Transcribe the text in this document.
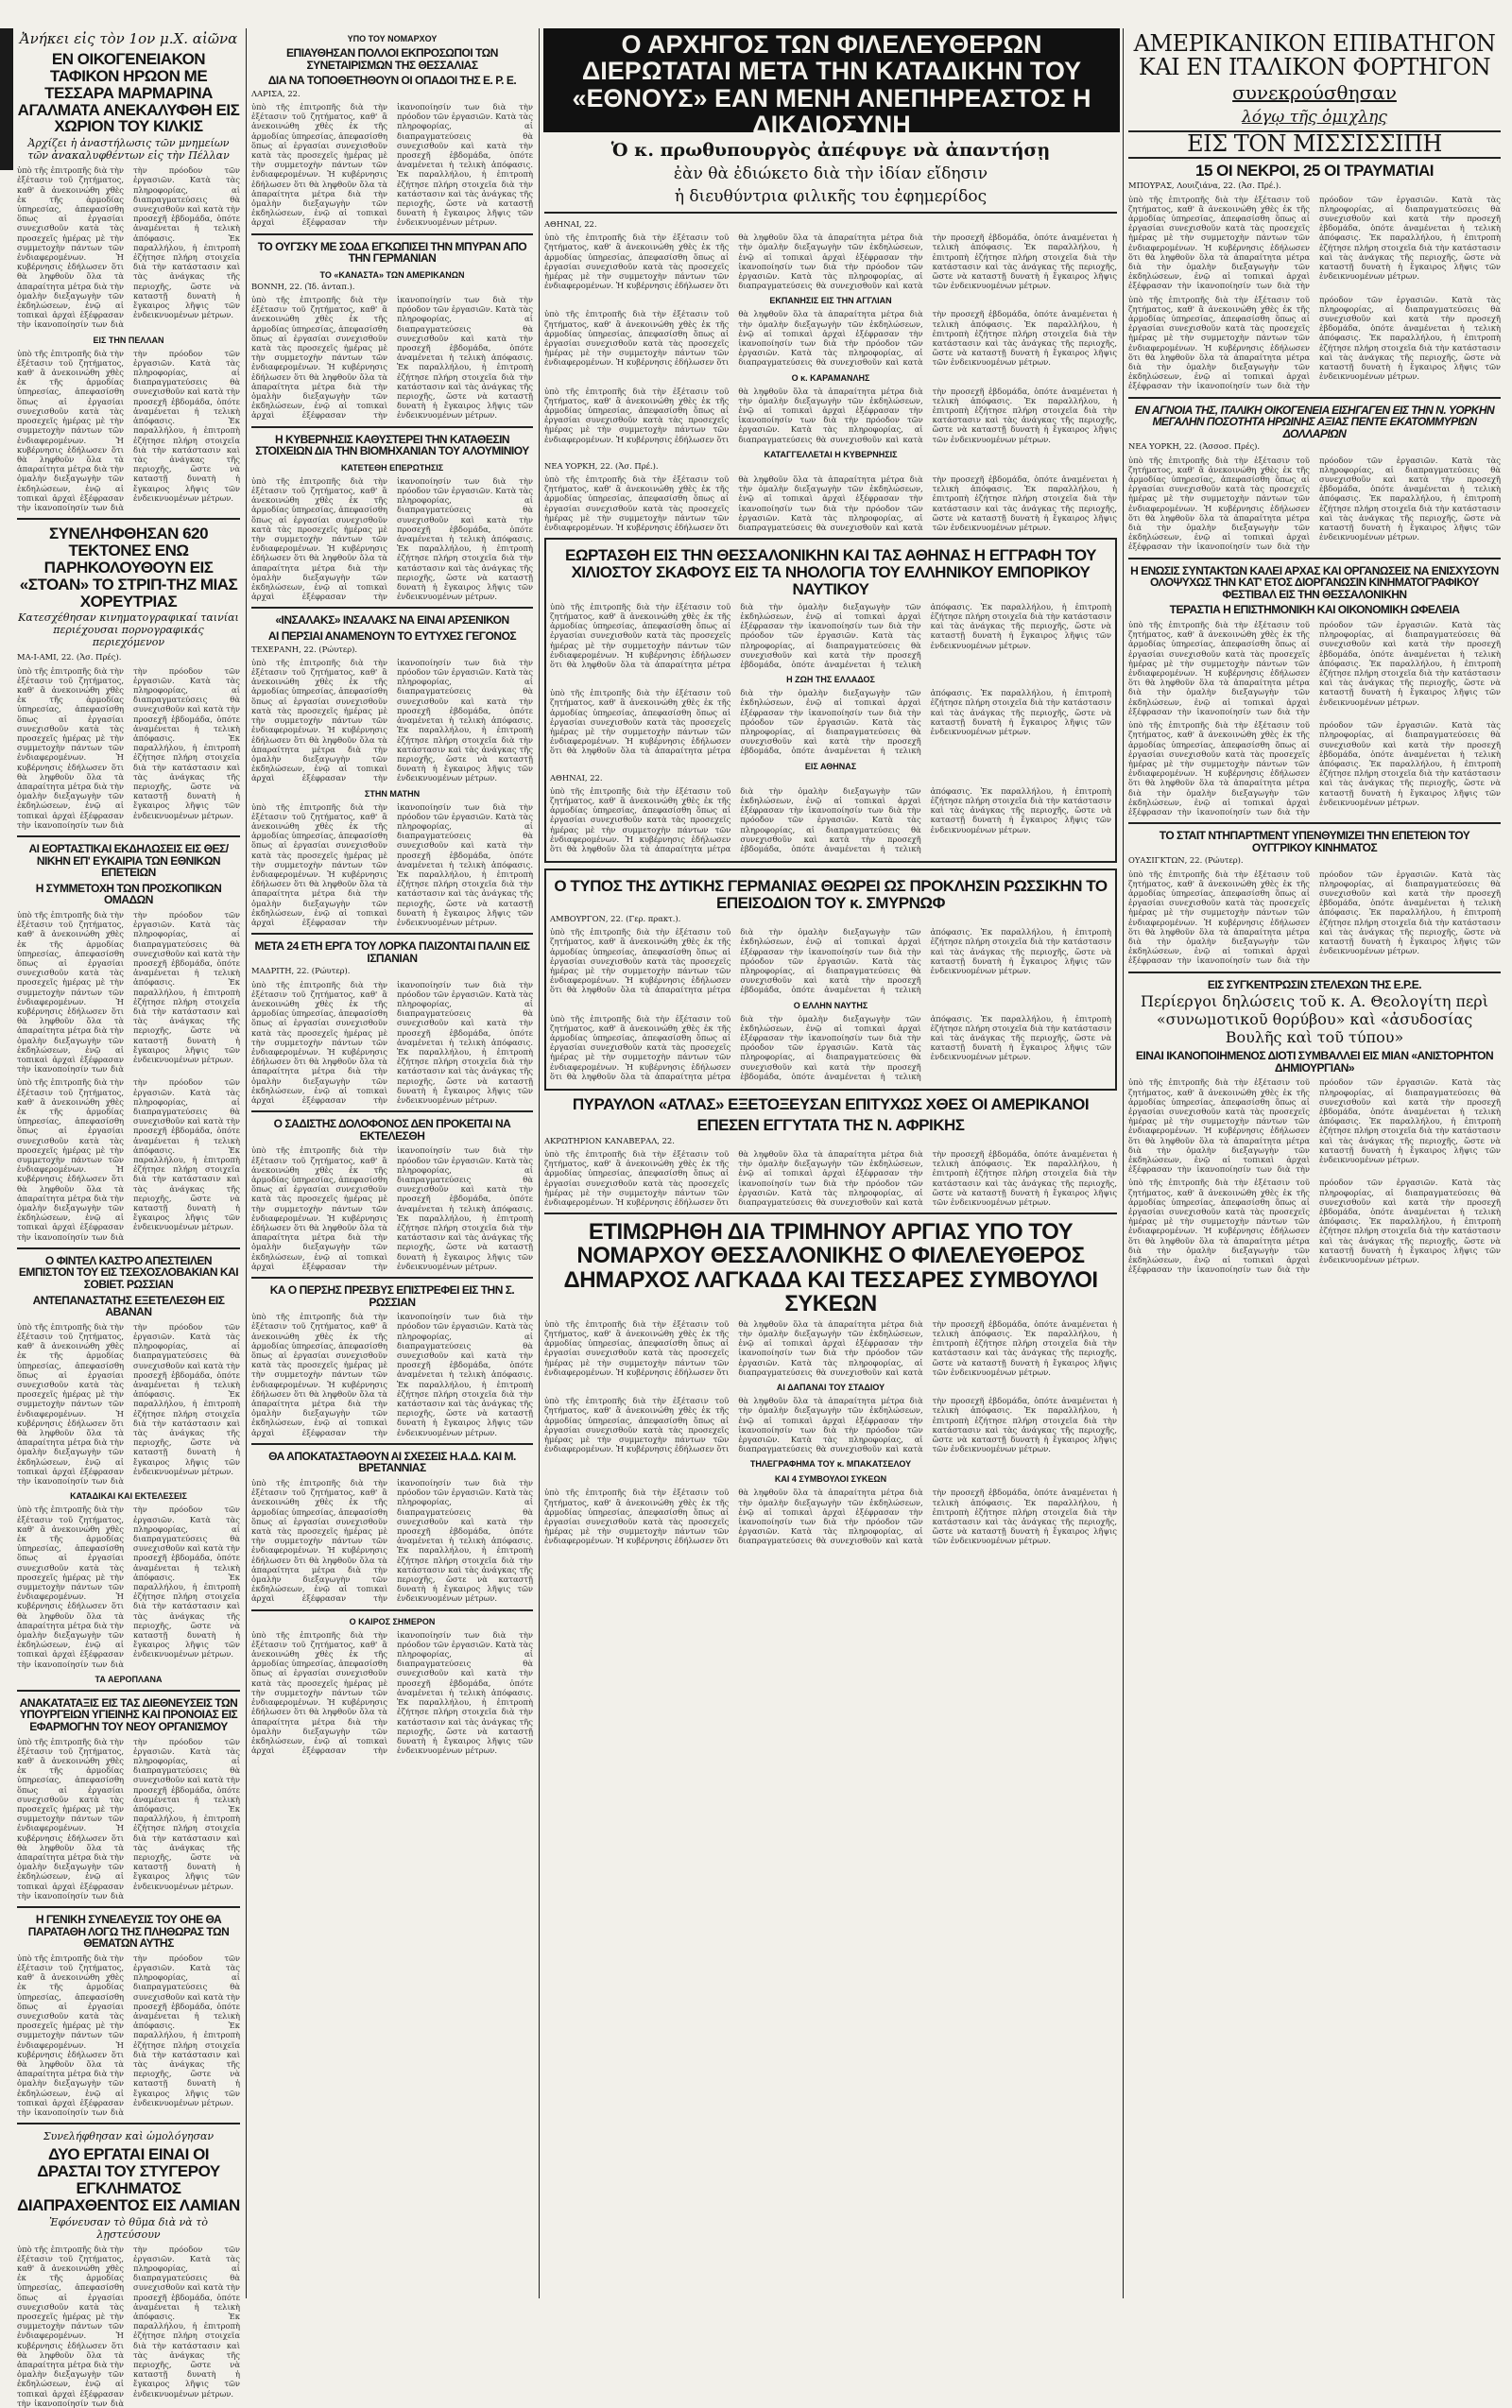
Ἀνήκει εἰς τὸν 1ον μ.Χ. αἰῶνα
ΕΝ ΟΙΚΟΓΕΝΕΙΑΚΟΝ ΤΑΦΙΚΟΝ ΗΡΩΟΝ ΜΕ ΤΕΣΣΑΡΑ ΜΑΡΜΑΡΙΝΑ ΑΓΑΛΜΑΤΑ ΑΝΕΚΑΛΥΦΘΗ ΕΙΣ ΧΩΡΙΟΝ ΤΟΥ ΚΙΛΚΙΣ
Ἀρχίζει ἡ ἀναστήλωσις τῶν μνημείων τῶν ἀνακαλυφθέντων εἰς τὴν Πέλλαν
ὑπὸ τῆς ἐπιτροπῆς διὰ τὴν ἐξέτασιν τοῦ ζητήματος, καθ' ἃ ἀνεκοινώθη χθὲς ἐκ τῆς ἀρμοδίας ὑπηρεσίας, ἀπεφασίσθη ὅπως αἱ ἐργασίαι συνεχισθοῦν κατὰ τὰς προσεχεῖς ἡμέρας μὲ τὴν συμμετοχὴν πάντων τῶν ἐνδιαφερομένων. Ἡ κυβέρνησις ἐδήλωσεν ὅτι θὰ ληφθοῦν ὅλα τὰ ἀπαραίτητα μέτρα διὰ τὴν ὁμαλὴν διεξαγωγὴν τῶν ἐκδηλώσεων, ἐνῷ αἱ τοπικαὶ ἀρχαὶ ἐξέφρασαν τὴν ἱκανοποίησίν των διὰ τὴν πρόοδον τῶν ἐργασιῶν. Κατὰ τὰς πληροφορίας, αἱ διαπραγματεύσεις θὰ συνεχισθοῦν καὶ κατὰ τὴν προσεχῆ ἑβδομάδα, ὁπότε ἀναμένεται ἡ τελικὴ ἀπόφασις. Ἐκ παραλλήλου, ἡ ἐπιτροπὴ ἐζήτησε πλήρη στοιχεῖα διὰ τὴν κατάστασιν καὶ τὰς ἀνάγκας τῆς περιοχῆς, ὥστε νὰ καταστῇ δυνατὴ ἡ ἔγκαιρος λῆψις τῶν ἐνδεικνυομένων μέτρων.
ΕΙΣ ΤΗΝ ΠΕΛΛΑΝ
ὑπὸ τῆς ἐπιτροπῆς διὰ τὴν ἐξέτασιν τοῦ ζητήματος, καθ' ἃ ἀνεκοινώθη χθὲς ἐκ τῆς ἀρμοδίας ὑπηρεσίας, ἀπεφασίσθη ὅπως αἱ ἐργασίαι συνεχισθοῦν κατὰ τὰς προσεχεῖς ἡμέρας μὲ τὴν συμμετοχὴν πάντων τῶν ἐνδιαφερομένων. Ἡ κυβέρνησις ἐδήλωσεν ὅτι θὰ ληφθοῦν ὅλα τὰ ἀπαραίτητα μέτρα διὰ τὴν ὁμαλὴν διεξαγωγὴν τῶν ἐκδηλώσεων, ἐνῷ αἱ τοπικαὶ ἀρχαὶ ἐξέφρασαν τὴν ἱκανοποίησίν των διὰ τὴν πρόοδον τῶν ἐργασιῶν. Κατὰ τὰς πληροφορίας, αἱ διαπραγματεύσεις θὰ συνεχισθοῦν καὶ κατὰ τὴν προσεχῆ ἑβδομάδα, ὁπότε ἀναμένεται ἡ τελικὴ ἀπόφασις. Ἐκ παραλλήλου, ἡ ἐπιτροπὴ ἐζήτησε πλήρη στοιχεῖα διὰ τὴν κατάστασιν καὶ τὰς ἀνάγκας τῆς περιοχῆς, ὥστε νὰ καταστῇ δυνατὴ ἡ ἔγκαιρος λῆψις τῶν ἐνδεικνυομένων μέτρων.
ΣΥΝΕΛΗΦΘΗΣΑΝ 620 ΤΕΚΤΟΝΕΣ ΕΝΩ ΠΑΡΗΚΟΛΟΥΘΟΥΝ ΕΙΣ «ΣΤΟΑΝ» ΤΟ ΣΤΡΙΠ-ΤΗΖ ΜΙΑΣ ΧΟΡΕΥΤΡΙΑΣ
Κατεσχέθησαν κινηματογραφικαί ταινίαι περιέχουσαι πορνογραφικάς περιεχόμενον
ΜΑ-Ι-ΑΜΙ, 22. (Ἀσ. Πρές).
ὑπὸ τῆς ἐπιτροπῆς διὰ τὴν ἐξέτασιν τοῦ ζητήματος, καθ' ἃ ἀνεκοινώθη χθὲς ἐκ τῆς ἀρμοδίας ὑπηρεσίας, ἀπεφασίσθη ὅπως αἱ ἐργασίαι συνεχισθοῦν κατὰ τὰς προσεχεῖς ἡμέρας μὲ τὴν συμμετοχὴν πάντων τῶν ἐνδιαφερομένων. Ἡ κυβέρνησις ἐδήλωσεν ὅτι θὰ ληφθοῦν ὅλα τὰ ἀπαραίτητα μέτρα διὰ τὴν ὁμαλὴν διεξαγωγὴν τῶν ἐκδηλώσεων, ἐνῷ αἱ τοπικαὶ ἀρχαὶ ἐξέφρασαν τὴν ἱκανοποίησίν των διὰ τὴν πρόοδον τῶν ἐργασιῶν. Κατὰ τὰς πληροφορίας, αἱ διαπραγματεύσεις θὰ συνεχισθοῦν καὶ κατὰ τὴν προσεχῆ ἑβδομάδα, ὁπότε ἀναμένεται ἡ τελικὴ ἀπόφασις. Ἐκ παραλλήλου, ἡ ἐπιτροπὴ ἐζήτησε πλήρη στοιχεῖα διὰ τὴν κατάστασιν καὶ τὰς ἀνάγκας τῆς περιοχῆς, ὥστε νὰ καταστῇ δυνατὴ ἡ ἔγκαιρος λῆψις τῶν ἐνδεικνυομένων μέτρων.
ΑΙ ΕΟΡΤΑΣΤΙΚΑΙ ΕΚΔΗΛΩΣΕΙΣ ΕΙΣ ΘΕΣ/ΝΙΚΗΝ ΕΠ' ΕΥΚΑΙΡΙΑ ΤΩΝ ΕΘΝΙΚΩΝ ΕΠΕΤΕΙΩΝ
Η ΣΥΜΜΕΤΟΧΗ ΤΩΝ ΠΡΟΣΚΟΠΙΚΩΝ ΟΜΑΔΩΝ
ὑπὸ τῆς ἐπιτροπῆς διὰ τὴν ἐξέτασιν τοῦ ζητήματος, καθ' ἃ ἀνεκοινώθη χθὲς ἐκ τῆς ἀρμοδίας ὑπηρεσίας, ἀπεφασίσθη ὅπως αἱ ἐργασίαι συνεχισθοῦν κατὰ τὰς προσεχεῖς ἡμέρας μὲ τὴν συμμετοχὴν πάντων τῶν ἐνδιαφερομένων. Ἡ κυβέρνησις ἐδήλωσεν ὅτι θὰ ληφθοῦν ὅλα τὰ ἀπαραίτητα μέτρα διὰ τὴν ὁμαλὴν διεξαγωγὴν τῶν ἐκδηλώσεων, ἐνῷ αἱ τοπικαὶ ἀρχαὶ ἐξέφρασαν τὴν ἱκανοποίησίν των διὰ τὴν πρόοδον τῶν ἐργασιῶν. Κατὰ τὰς πληροφορίας, αἱ διαπραγματεύσεις θὰ συνεχισθοῦν καὶ κατὰ τὴν προσεχῆ ἑβδομάδα, ὁπότε ἀναμένεται ἡ τελικὴ ἀπόφασις. Ἐκ παραλλήλου, ἡ ἐπιτροπὴ ἐζήτησε πλήρη στοιχεῖα διὰ τὴν κατάστασιν καὶ τὰς ἀνάγκας τῆς περιοχῆς, ὥστε νὰ καταστῇ δυνατὴ ἡ ἔγκαιρος λῆψις τῶν ἐνδεικνυομένων μέτρων.
ὑπὸ τῆς ἐπιτροπῆς διὰ τὴν ἐξέτασιν τοῦ ζητήματος, καθ' ἃ ἀνεκοινώθη χθὲς ἐκ τῆς ἀρμοδίας ὑπηρεσίας, ἀπεφασίσθη ὅπως αἱ ἐργασίαι συνεχισθοῦν κατὰ τὰς προσεχεῖς ἡμέρας μὲ τὴν συμμετοχὴν πάντων τῶν ἐνδιαφερομένων. Ἡ κυβέρνησις ἐδήλωσεν ὅτι θὰ ληφθοῦν ὅλα τὰ ἀπαραίτητα μέτρα διὰ τὴν ὁμαλὴν διεξαγωγὴν τῶν ἐκδηλώσεων, ἐνῷ αἱ τοπικαὶ ἀρχαὶ ἐξέφρασαν τὴν ἱκανοποίησίν των διὰ τὴν πρόοδον τῶν ἐργασιῶν. Κατὰ τὰς πληροφορίας, αἱ διαπραγματεύσεις θὰ συνεχισθοῦν καὶ κατὰ τὴν προσεχῆ ἑβδομάδα, ὁπότε ἀναμένεται ἡ τελικὴ ἀπόφασις. Ἐκ παραλλήλου, ἡ ἐπιτροπὴ ἐζήτησε πλήρη στοιχεῖα διὰ τὴν κατάστασιν καὶ τὰς ἀνάγκας τῆς περιοχῆς, ὥστε νὰ καταστῇ δυνατὴ ἡ ἔγκαιρος λῆψις τῶν ἐνδεικνυομένων μέτρων.
Ο ΦΙΝΤΕΛ ΚΑΣΤΡΟ ΑΠΕΣΤΕΙΛΕΝ ΕΜΠΙΣΤΟΝ ΤΟΥ ΕΙΣ ΤΣΕΧΟΣΛΟΒΑΚΙΑΝ ΚΑΙ ΣΟΒΙΕΤ. ΡΩΣΣΙΑΝ
ΑΝΤΕΠΑΝΑΣΤΑΤΗΣ ΕΞΕΤΕΛΕΣΘΗ ΕΙΣ ΑΒΑΝΑΝ
ὑπὸ τῆς ἐπιτροπῆς διὰ τὴν ἐξέτασιν τοῦ ζητήματος, καθ' ἃ ἀνεκοινώθη χθὲς ἐκ τῆς ἀρμοδίας ὑπηρεσίας, ἀπεφασίσθη ὅπως αἱ ἐργασίαι συνεχισθοῦν κατὰ τὰς προσεχεῖς ἡμέρας μὲ τὴν συμμετοχὴν πάντων τῶν ἐνδιαφερομένων. Ἡ κυβέρνησις ἐδήλωσεν ὅτι θὰ ληφθοῦν ὅλα τὰ ἀπαραίτητα μέτρα διὰ τὴν ὁμαλὴν διεξαγωγὴν τῶν ἐκδηλώσεων, ἐνῷ αἱ τοπικαὶ ἀρχαὶ ἐξέφρασαν τὴν ἱκανοποίησίν των διὰ τὴν πρόοδον τῶν ἐργασιῶν. Κατὰ τὰς πληροφορίας, αἱ διαπραγματεύσεις θὰ συνεχισθοῦν καὶ κατὰ τὴν προσεχῆ ἑβδομάδα, ὁπότε ἀναμένεται ἡ τελικὴ ἀπόφασις. Ἐκ παραλλήλου, ἡ ἐπιτροπὴ ἐζήτησε πλήρη στοιχεῖα διὰ τὴν κατάστασιν καὶ τὰς ἀνάγκας τῆς περιοχῆς, ὥστε νὰ καταστῇ δυνατὴ ἡ ἔγκαιρος λῆψις τῶν ἐνδεικνυομένων μέτρων.
ΚΑΤΑΔΙΚΑΙ ΚΑΙ ΕΚΤΕΛΕΣΕΙΣ
ὑπὸ τῆς ἐπιτροπῆς διὰ τὴν ἐξέτασιν τοῦ ζητήματος, καθ' ἃ ἀνεκοινώθη χθὲς ἐκ τῆς ἀρμοδίας ὑπηρεσίας, ἀπεφασίσθη ὅπως αἱ ἐργασίαι συνεχισθοῦν κατὰ τὰς προσεχεῖς ἡμέρας μὲ τὴν συμμετοχὴν πάντων τῶν ἐνδιαφερομένων. Ἡ κυβέρνησις ἐδήλωσεν ὅτι θὰ ληφθοῦν ὅλα τὰ ἀπαραίτητα μέτρα διὰ τὴν ὁμαλὴν διεξαγωγὴν τῶν ἐκδηλώσεων, ἐνῷ αἱ τοπικαὶ ἀρχαὶ ἐξέφρασαν τὴν ἱκανοποίησίν των διὰ τὴν πρόοδον τῶν ἐργασιῶν. Κατὰ τὰς πληροφορίας, αἱ διαπραγματεύσεις θὰ συνεχισθοῦν καὶ κατὰ τὴν προσεχῆ ἑβδομάδα, ὁπότε ἀναμένεται ἡ τελικὴ ἀπόφασις. Ἐκ παραλλήλου, ἡ ἐπιτροπὴ ἐζήτησε πλήρη στοιχεῖα διὰ τὴν κατάστασιν καὶ τὰς ἀνάγκας τῆς περιοχῆς, ὥστε νὰ καταστῇ δυνατὴ ἡ ἔγκαιρος λῆψις τῶν ἐνδεικνυομένων μέτρων.
ΤΑ ΑΕΡΟΠΛΑΝΑ
ΑΝΑΚΑΤΑΤΑΞΙΣ ΕΙΣ ΤΑΣ ΔΙΕΘΝΕΥΣΕΙΣ ΤΩΝ ΥΠΟΥΡΓΕΙΩΝ ΥΓΙΕΙΝΗΣ ΚΑΙ ΠΡΟΝΟΙΑΣ ΕΙΣ ΕΦΑΡΜΟΓΗΝ ΤΟΥ ΝΕΟΥ ΟΡΓΑΝΙΣΜΟΥ
ὑπὸ τῆς ἐπιτροπῆς διὰ τὴν ἐξέτασιν τοῦ ζητήματος, καθ' ἃ ἀνεκοινώθη χθὲς ἐκ τῆς ἀρμοδίας ὑπηρεσίας, ἀπεφασίσθη ὅπως αἱ ἐργασίαι συνεχισθοῦν κατὰ τὰς προσεχεῖς ἡμέρας μὲ τὴν συμμετοχὴν πάντων τῶν ἐνδιαφερομένων. Ἡ κυβέρνησις ἐδήλωσεν ὅτι θὰ ληφθοῦν ὅλα τὰ ἀπαραίτητα μέτρα διὰ τὴν ὁμαλὴν διεξαγωγὴν τῶν ἐκδηλώσεων, ἐνῷ αἱ τοπικαὶ ἀρχαὶ ἐξέφρασαν τὴν ἱκανοποίησίν των διὰ τὴν πρόοδον τῶν ἐργασιῶν. Κατὰ τὰς πληροφορίας, αἱ διαπραγματεύσεις θὰ συνεχισθοῦν καὶ κατὰ τὴν προσεχῆ ἑβδομάδα, ὁπότε ἀναμένεται ἡ τελικὴ ἀπόφασις. Ἐκ παραλλήλου, ἡ ἐπιτροπὴ ἐζήτησε πλήρη στοιχεῖα διὰ τὴν κατάστασιν καὶ τὰς ἀνάγκας τῆς περιοχῆς, ὥστε νὰ καταστῇ δυνατὴ ἡ ἔγκαιρος λῆψις τῶν ἐνδεικνυομένων μέτρων.
Η ΓΕΝΙΚΗ ΣΥΝΕΛΕΥΣΙΣ ΤΟΥ ΟΗΕ ΘΑ ΠΑΡΑΤΑΘΗ ΛΟΓΩ ΤΗΣ ΠΛΗΘΩΡΑΣ ΤΩΝ ΘΕΜΑΤΩΝ ΑΥΤΗΣ
ὑπὸ τῆς ἐπιτροπῆς διὰ τὴν ἐξέτασιν τοῦ ζητήματος, καθ' ἃ ἀνεκοινώθη χθὲς ἐκ τῆς ἀρμοδίας ὑπηρεσίας, ἀπεφασίσθη ὅπως αἱ ἐργασίαι συνεχισθοῦν κατὰ τὰς προσεχεῖς ἡμέρας μὲ τὴν συμμετοχὴν πάντων τῶν ἐνδιαφερομένων. Ἡ κυβέρνησις ἐδήλωσεν ὅτι θὰ ληφθοῦν ὅλα τὰ ἀπαραίτητα μέτρα διὰ τὴν ὁμαλὴν διεξαγωγὴν τῶν ἐκδηλώσεων, ἐνῷ αἱ τοπικαὶ ἀρχαὶ ἐξέφρασαν τὴν ἱκανοποίησίν των διὰ τὴν πρόοδον τῶν ἐργασιῶν. Κατὰ τὰς πληροφορίας, αἱ διαπραγματεύσεις θὰ συνεχισθοῦν καὶ κατὰ τὴν προσεχῆ ἑβδομάδα, ὁπότε ἀναμένεται ἡ τελικὴ ἀπόφασις. Ἐκ παραλλήλου, ἡ ἐπιτροπὴ ἐζήτησε πλήρη στοιχεῖα διὰ τὴν κατάστασιν καὶ τὰς ἀνάγκας τῆς περιοχῆς, ὥστε νὰ καταστῇ δυνατὴ ἡ ἔγκαιρος λῆψις τῶν ἐνδεικνυομένων μέτρων.
Συνελήφθησαν καὶ ὡμολόγησαν
ΔΥΟ ΕΡΓΑΤΑΙ ΕΙΝΑΙ ΟΙ ΔΡΑΣΤΑΙ ΤΟΥ ΣΤΥΓΕΡΟΥ ΕΓΚΛΗΜΑΤΟΣ ΔΙΑΠΡΑΧΘΕΝΤΟΣ ΕΙΣ ΛΑΜΙΑΝ
Ἐφόνευσαν τὸ θῦμα διὰ νὰ τὸ λῃστεύσουν
ὑπὸ τῆς ἐπιτροπῆς διὰ τὴν ἐξέτασιν τοῦ ζητήματος, καθ' ἃ ἀνεκοινώθη χθὲς ἐκ τῆς ἀρμοδίας ὑπηρεσίας, ἀπεφασίσθη ὅπως αἱ ἐργασίαι συνεχισθοῦν κατὰ τὰς προσεχεῖς ἡμέρας μὲ τὴν συμμετοχὴν πάντων τῶν ἐνδιαφερομένων. Ἡ κυβέρνησις ἐδήλωσεν ὅτι θὰ ληφθοῦν ὅλα τὰ ἀπαραίτητα μέτρα διὰ τὴν ὁμαλὴν διεξαγωγὴν τῶν ἐκδηλώσεων, ἐνῷ αἱ τοπικαὶ ἀρχαὶ ἐξέφρασαν τὴν ἱκανοποίησίν των διὰ τὴν πρόοδον τῶν ἐργασιῶν. Κατὰ τὰς πληροφορίας, αἱ διαπραγματεύσεις θὰ συνεχισθοῦν καὶ κατὰ τὴν προσεχῆ ἑβδομάδα, ὁπότε ἀναμένεται ἡ τελικὴ ἀπόφασις. Ἐκ παραλλήλου, ἡ ἐπιτροπὴ ἐζήτησε πλήρη στοιχεῖα διὰ τὴν κατάστασιν καὶ τὰς ἀνάγκας τῆς περιοχῆς, ὥστε νὰ καταστῇ δυνατὴ ἡ ἔγκαιρος λῆψις τῶν ἐνδεικνυομένων μέτρων.
ΥΠΟ ΤΟΥ ΝΟΜΑΡΧΟΥ
ΕΠΙΑΥΘΗΣΑΝ ΠΟΛΛΟΙ ΕΚΠΡΟΣΩΠΟΙ ΤΩΝ ΣΥΝΕΤΑΙΡΙΣΜΩΝ ΤΗΣ ΘΕΣΣΑΛΙΑΣ
ΔΙΑ ΝΑ ΤΟΠΟΘΕΤΗΘΟΥΝ ΟΙ ΟΠΑΔΟΙ ΤΗΣ Ε. Ρ. Ε.
ΛΑΡΙΣΑ, 22.
ὑπὸ τῆς ἐπιτροπῆς διὰ τὴν ἐξέτασιν τοῦ ζητήματος, καθ' ἃ ἀνεκοινώθη χθὲς ἐκ τῆς ἀρμοδίας ὑπηρεσίας, ἀπεφασίσθη ὅπως αἱ ἐργασίαι συνεχισθοῦν κατὰ τὰς προσεχεῖς ἡμέρας μὲ τὴν συμμετοχὴν πάντων τῶν ἐνδιαφερομένων. Ἡ κυβέρνησις ἐδήλωσεν ὅτι θὰ ληφθοῦν ὅλα τὰ ἀπαραίτητα μέτρα διὰ τὴν ὁμαλὴν διεξαγωγὴν τῶν ἐκδηλώσεων, ἐνῷ αἱ τοπικαὶ ἀρχαὶ ἐξέφρασαν τὴν ἱκανοποίησίν των διὰ τὴν πρόοδον τῶν ἐργασιῶν. Κατὰ τὰς πληροφορίας, αἱ διαπραγματεύσεις θὰ συνεχισθοῦν καὶ κατὰ τὴν προσεχῆ ἑβδομάδα, ὁπότε ἀναμένεται ἡ τελικὴ ἀπόφασις. Ἐκ παραλλήλου, ἡ ἐπιτροπὴ ἐζήτησε πλήρη στοιχεῖα διὰ τὴν κατάστασιν καὶ τὰς ἀνάγκας τῆς περιοχῆς, ὥστε νὰ καταστῇ δυνατὴ ἡ ἔγκαιρος λῆψις τῶν ἐνδεικνυομένων μέτρων.
ΤΟ ΟΥΓΣΚΥ ΜΕ ΣΟΔΑ ΕΓΚΩΠΙΣΕΙ ΤΗΝ ΜΠΥΡΑΝ ΑΠΟ ΤΗΝ ΓΕΡΜΑΝΙΑΝ
ΤΟ «ΚΑΝΑΣΤΑ» ΤΩΝ ΑΜΕΡΙΚΑΝΩΝ
ΒΟΝΝΗ, 22. (Ἰδ. ἀνταπ.).
ὑπὸ τῆς ἐπιτροπῆς διὰ τὴν ἐξέτασιν τοῦ ζητήματος, καθ' ἃ ἀνεκοινώθη χθὲς ἐκ τῆς ἀρμοδίας ὑπηρεσίας, ἀπεφασίσθη ὅπως αἱ ἐργασίαι συνεχισθοῦν κατὰ τὰς προσεχεῖς ἡμέρας μὲ τὴν συμμετοχὴν πάντων τῶν ἐνδιαφερομένων. Ἡ κυβέρνησις ἐδήλωσεν ὅτι θὰ ληφθοῦν ὅλα τὰ ἀπαραίτητα μέτρα διὰ τὴν ὁμαλὴν διεξαγωγὴν τῶν ἐκδηλώσεων, ἐνῷ αἱ τοπικαὶ ἀρχαὶ ἐξέφρασαν τὴν ἱκανοποίησίν των διὰ τὴν πρόοδον τῶν ἐργασιῶν. Κατὰ τὰς πληροφορίας, αἱ διαπραγματεύσεις θὰ συνεχισθοῦν καὶ κατὰ τὴν προσεχῆ ἑβδομάδα, ὁπότε ἀναμένεται ἡ τελικὴ ἀπόφασις. Ἐκ παραλλήλου, ἡ ἐπιτροπὴ ἐζήτησε πλήρη στοιχεῖα διὰ τὴν κατάστασιν καὶ τὰς ἀνάγκας τῆς περιοχῆς, ὥστε νὰ καταστῇ δυνατὴ ἡ ἔγκαιρος λῆψις τῶν ἐνδεικνυομένων μέτρων.
Η ΚΥΒΕΡΝΗΣΙΣ ΚΑΘΥΣΤΕΡΕΙ ΤΗΝ ΚΑΤΑΘΕΣΙΝ ΣΤΟΙΧΕΙΩΝ ΔΙΑ ΤΗΝ ΒΙΟΜΗΧΑΝΙΑΝ ΤΟΥ ΑΛΟΥΜΙΝΙΟΥ
ΚΑΤΕΤΕΘΗ ΕΠΕΡΩΤΗΣΙΣ
ὑπὸ τῆς ἐπιτροπῆς διὰ τὴν ἐξέτασιν τοῦ ζητήματος, καθ' ἃ ἀνεκοινώθη χθὲς ἐκ τῆς ἀρμοδίας ὑπηρεσίας, ἀπεφασίσθη ὅπως αἱ ἐργασίαι συνεχισθοῦν κατὰ τὰς προσεχεῖς ἡμέρας μὲ τὴν συμμετοχὴν πάντων τῶν ἐνδιαφερομένων. Ἡ κυβέρνησις ἐδήλωσεν ὅτι θὰ ληφθοῦν ὅλα τὰ ἀπαραίτητα μέτρα διὰ τὴν ὁμαλὴν διεξαγωγὴν τῶν ἐκδηλώσεων, ἐνῷ αἱ τοπικαὶ ἀρχαὶ ἐξέφρασαν τὴν ἱκανοποίησίν των διὰ τὴν πρόοδον τῶν ἐργασιῶν. Κατὰ τὰς πληροφορίας, αἱ διαπραγματεύσεις θὰ συνεχισθοῦν καὶ κατὰ τὴν προσεχῆ ἑβδομάδα, ὁπότε ἀναμένεται ἡ τελικὴ ἀπόφασις. Ἐκ παραλλήλου, ἡ ἐπιτροπὴ ἐζήτησε πλήρη στοιχεῖα διὰ τὴν κατάστασιν καὶ τὰς ἀνάγκας τῆς περιοχῆς, ὥστε νὰ καταστῇ δυνατὴ ἡ ἔγκαιρος λῆψις τῶν ἐνδεικνυομένων μέτρων.
«ΙΝΣΑΛΑΚΣ» ΙΝΣΑΛΑΚΣ ΝΑ ΕΙΝΑΙ ΑΡΣΕΝΙΚΟΝ
ΑΙ ΠΕΡΣΙΑΙ ΑΝΑΜΕΝΟΥΝ ΤΟ ΕΥΤΥΧΕΣ ΓΕΓΟΝΟΣ
ΤΕΧΕΡΑΝΗ, 22. (Ρώυτερ).
ὑπὸ τῆς ἐπιτροπῆς διὰ τὴν ἐξέτασιν τοῦ ζητήματος, καθ' ἃ ἀνεκοινώθη χθὲς ἐκ τῆς ἀρμοδίας ὑπηρεσίας, ἀπεφασίσθη ὅπως αἱ ἐργασίαι συνεχισθοῦν κατὰ τὰς προσεχεῖς ἡμέρας μὲ τὴν συμμετοχὴν πάντων τῶν ἐνδιαφερομένων. Ἡ κυβέρνησις ἐδήλωσεν ὅτι θὰ ληφθοῦν ὅλα τὰ ἀπαραίτητα μέτρα διὰ τὴν ὁμαλὴν διεξαγωγὴν τῶν ἐκδηλώσεων, ἐνῷ αἱ τοπικαὶ ἀρχαὶ ἐξέφρασαν τὴν ἱκανοποίησίν των διὰ τὴν πρόοδον τῶν ἐργασιῶν. Κατὰ τὰς πληροφορίας, αἱ διαπραγματεύσεις θὰ συνεχισθοῦν καὶ κατὰ τὴν προσεχῆ ἑβδομάδα, ὁπότε ἀναμένεται ἡ τελικὴ ἀπόφασις. Ἐκ παραλλήλου, ἡ ἐπιτροπὴ ἐζήτησε πλήρη στοιχεῖα διὰ τὴν κατάστασιν καὶ τὰς ἀνάγκας τῆς περιοχῆς, ὥστε νὰ καταστῇ δυνατὴ ἡ ἔγκαιρος λῆψις τῶν ἐνδεικνυομένων μέτρων.
ΣΤΗΝ ΜΑΤΗΝ
ὑπὸ τῆς ἐπιτροπῆς διὰ τὴν ἐξέτασιν τοῦ ζητήματος, καθ' ἃ ἀνεκοινώθη χθὲς ἐκ τῆς ἀρμοδίας ὑπηρεσίας, ἀπεφασίσθη ὅπως αἱ ἐργασίαι συνεχισθοῦν κατὰ τὰς προσεχεῖς ἡμέρας μὲ τὴν συμμετοχὴν πάντων τῶν ἐνδιαφερομένων. Ἡ κυβέρνησις ἐδήλωσεν ὅτι θὰ ληφθοῦν ὅλα τὰ ἀπαραίτητα μέτρα διὰ τὴν ὁμαλὴν διεξαγωγὴν τῶν ἐκδηλώσεων, ἐνῷ αἱ τοπικαὶ ἀρχαὶ ἐξέφρασαν τὴν ἱκανοποίησίν των διὰ τὴν πρόοδον τῶν ἐργασιῶν. Κατὰ τὰς πληροφορίας, αἱ διαπραγματεύσεις θὰ συνεχισθοῦν καὶ κατὰ τὴν προσεχῆ ἑβδομάδα, ὁπότε ἀναμένεται ἡ τελικὴ ἀπόφασις. Ἐκ παραλλήλου, ἡ ἐπιτροπὴ ἐζήτησε πλήρη στοιχεῖα διὰ τὴν κατάστασιν καὶ τὰς ἀνάγκας τῆς περιοχῆς, ὥστε νὰ καταστῇ δυνατὴ ἡ ἔγκαιρος λῆψις τῶν ἐνδεικνυομένων μέτρων.
ΜΕΤΑ 24 ΕΤΗ ΕΡΓΑ ΤΟΥ ΛΟΡΚΑ ΠΑΙΖΟΝΤΑΙ ΠΑΛΙΝ ΕΙΣ ΙΣΠΑΝΙΑΝ
ΜΑΔΡΙΤΗ, 22. (Ρώυτερ).
ὑπὸ τῆς ἐπιτροπῆς διὰ τὴν ἐξέτασιν τοῦ ζητήματος, καθ' ἃ ἀνεκοινώθη χθὲς ἐκ τῆς ἀρμοδίας ὑπηρεσίας, ἀπεφασίσθη ὅπως αἱ ἐργασίαι συνεχισθοῦν κατὰ τὰς προσεχεῖς ἡμέρας μὲ τὴν συμμετοχὴν πάντων τῶν ἐνδιαφερομένων. Ἡ κυβέρνησις ἐδήλωσεν ὅτι θὰ ληφθοῦν ὅλα τὰ ἀπαραίτητα μέτρα διὰ τὴν ὁμαλὴν διεξαγωγὴν τῶν ἐκδηλώσεων, ἐνῷ αἱ τοπικαὶ ἀρχαὶ ἐξέφρασαν τὴν ἱκανοποίησίν των διὰ τὴν πρόοδον τῶν ἐργασιῶν. Κατὰ τὰς πληροφορίας, αἱ διαπραγματεύσεις θὰ συνεχισθοῦν καὶ κατὰ τὴν προσεχῆ ἑβδομάδα, ὁπότε ἀναμένεται ἡ τελικὴ ἀπόφασις. Ἐκ παραλλήλου, ἡ ἐπιτροπὴ ἐζήτησε πλήρη στοιχεῖα διὰ τὴν κατάστασιν καὶ τὰς ἀνάγκας τῆς περιοχῆς, ὥστε νὰ καταστῇ δυνατὴ ἡ ἔγκαιρος λῆψις τῶν ἐνδεικνυομένων μέτρων.
Ο ΣΑΔΙΣΤΗΣ ΔΟΛΟΦΟΝΟΣ ΔΕΝ ΠΡΟΚΕΙΤΑΙ ΝΑ ΕΚΤΕΛΕΣΘΗ
ὑπὸ τῆς ἐπιτροπῆς διὰ τὴν ἐξέτασιν τοῦ ζητήματος, καθ' ἃ ἀνεκοινώθη χθὲς ἐκ τῆς ἀρμοδίας ὑπηρεσίας, ἀπεφασίσθη ὅπως αἱ ἐργασίαι συνεχισθοῦν κατὰ τὰς προσεχεῖς ἡμέρας μὲ τὴν συμμετοχὴν πάντων τῶν ἐνδιαφερομένων. Ἡ κυβέρνησις ἐδήλωσεν ὅτι θὰ ληφθοῦν ὅλα τὰ ἀπαραίτητα μέτρα διὰ τὴν ὁμαλὴν διεξαγωγὴν τῶν ἐκδηλώσεων, ἐνῷ αἱ τοπικαὶ ἀρχαὶ ἐξέφρασαν τὴν ἱκανοποίησίν των διὰ τὴν πρόοδον τῶν ἐργασιῶν. Κατὰ τὰς πληροφορίας, αἱ διαπραγματεύσεις θὰ συνεχισθοῦν καὶ κατὰ τὴν προσεχῆ ἑβδομάδα, ὁπότε ἀναμένεται ἡ τελικὴ ἀπόφασις. Ἐκ παραλλήλου, ἡ ἐπιτροπὴ ἐζήτησε πλήρη στοιχεῖα διὰ τὴν κατάστασιν καὶ τὰς ἀνάγκας τῆς περιοχῆς, ὥστε νὰ καταστῇ δυνατὴ ἡ ἔγκαιρος λῆψις τῶν ἐνδεικνυομένων μέτρων.
ΚΑ Ο ΠΕΡΣΗΣ ΠΡΕΣΒΥΣ ΕΠΙΣΤΡΕΦΕΙ ΕΙΣ ΤΗΝ Σ. ΡΩΣΣΙΑΝ
ὑπὸ τῆς ἐπιτροπῆς διὰ τὴν ἐξέτασιν τοῦ ζητήματος, καθ' ἃ ἀνεκοινώθη χθὲς ἐκ τῆς ἀρμοδίας ὑπηρεσίας, ἀπεφασίσθη ὅπως αἱ ἐργασίαι συνεχισθοῦν κατὰ τὰς προσεχεῖς ἡμέρας μὲ τὴν συμμετοχὴν πάντων τῶν ἐνδιαφερομένων. Ἡ κυβέρνησις ἐδήλωσεν ὅτι θὰ ληφθοῦν ὅλα τὰ ἀπαραίτητα μέτρα διὰ τὴν ὁμαλὴν διεξαγωγὴν τῶν ἐκδηλώσεων, ἐνῷ αἱ τοπικαὶ ἀρχαὶ ἐξέφρασαν τὴν ἱκανοποίησίν των διὰ τὴν πρόοδον τῶν ἐργασιῶν. Κατὰ τὰς πληροφορίας, αἱ διαπραγματεύσεις θὰ συνεχισθοῦν καὶ κατὰ τὴν προσεχῆ ἑβδομάδα, ὁπότε ἀναμένεται ἡ τελικὴ ἀπόφασις. Ἐκ παραλλήλου, ἡ ἐπιτροπὴ ἐζήτησε πλήρη στοιχεῖα διὰ τὴν κατάστασιν καὶ τὰς ἀνάγκας τῆς περιοχῆς, ὥστε νὰ καταστῇ δυνατὴ ἡ ἔγκαιρος λῆψις τῶν ἐνδεικνυομένων μέτρων.
ΘΑ ΑΠΟΚΑΤΑΣΤΑΘΟΥΝ ΑΙ ΣΧΕΣΕΙΣ Η.Α.Δ. ΚΑΙ Μ. ΒΡΕΤΑΝΝΙΑΣ
ὑπὸ τῆς ἐπιτροπῆς διὰ τὴν ἐξέτασιν τοῦ ζητήματος, καθ' ἃ ἀνεκοινώθη χθὲς ἐκ τῆς ἀρμοδίας ὑπηρεσίας, ἀπεφασίσθη ὅπως αἱ ἐργασίαι συνεχισθοῦν κατὰ τὰς προσεχεῖς ἡμέρας μὲ τὴν συμμετοχὴν πάντων τῶν ἐνδιαφερομένων. Ἡ κυβέρνησις ἐδήλωσεν ὅτι θὰ ληφθοῦν ὅλα τὰ ἀπαραίτητα μέτρα διὰ τὴν ὁμαλὴν διεξαγωγὴν τῶν ἐκδηλώσεων, ἐνῷ αἱ τοπικαὶ ἀρχαὶ ἐξέφρασαν τὴν ἱκανοποίησίν των διὰ τὴν πρόοδον τῶν ἐργασιῶν. Κατὰ τὰς πληροφορίας, αἱ διαπραγματεύσεις θὰ συνεχισθοῦν καὶ κατὰ τὴν προσεχῆ ἑβδομάδα, ὁπότε ἀναμένεται ἡ τελικὴ ἀπόφασις. Ἐκ παραλλήλου, ἡ ἐπιτροπὴ ἐζήτησε πλήρη στοιχεῖα διὰ τὴν κατάστασιν καὶ τὰς ἀνάγκας τῆς περιοχῆς, ὥστε νὰ καταστῇ δυνατὴ ἡ ἔγκαιρος λῆψις τῶν ἐνδεικνυομένων μέτρων.
Ο ΚΑΙΡΟΣ ΣΗΜΕΡΟΝ
ὑπὸ τῆς ἐπιτροπῆς διὰ τὴν ἐξέτασιν τοῦ ζητήματος, καθ' ἃ ἀνεκοινώθη χθὲς ἐκ τῆς ἀρμοδίας ὑπηρεσίας, ἀπεφασίσθη ὅπως αἱ ἐργασίαι συνεχισθοῦν κατὰ τὰς προσεχεῖς ἡμέρας μὲ τὴν συμμετοχὴν πάντων τῶν ἐνδιαφερομένων. Ἡ κυβέρνησις ἐδήλωσεν ὅτι θὰ ληφθοῦν ὅλα τὰ ἀπαραίτητα μέτρα διὰ τὴν ὁμαλὴν διεξαγωγὴν τῶν ἐκδηλώσεων, ἐνῷ αἱ τοπικαὶ ἀρχαὶ ἐξέφρασαν τὴν ἱκανοποίησίν των διὰ τὴν πρόοδον τῶν ἐργασιῶν. Κατὰ τὰς πληροφορίας, αἱ διαπραγματεύσεις θὰ συνεχισθοῦν καὶ κατὰ τὴν προσεχῆ ἑβδομάδα, ὁπότε ἀναμένεται ἡ τελικὴ ἀπόφασις. Ἐκ παραλλήλου, ἡ ἐπιτροπὴ ἐζήτησε πλήρη στοιχεῖα διὰ τὴν κατάστασιν καὶ τὰς ἀνάγκας τῆς περιοχῆς, ὥστε νὰ καταστῇ δυνατὴ ἡ ἔγκαιρος λῆψις τῶν ἐνδεικνυομένων μέτρων.
Ο ΑΡΧΗΓΟΣ ΤΩΝ ΦΙΛΕΛΕΥΘΕΡΩΝ ΔΙΕΡΩΤΑΤΑΙ ΜΕΤΑ ΤΗΝ ΚΑΤΑΔΙΚΗΝ ΤΟΥ «ΕΘΝΟΥΣ» ΕΑΝ ΜΕΝΗ ΑΝΕΠΗΡΕΑΣΤΟΣ Η ΔΙΚΑΙΟΣΥΝΗ
Ὁ κ. πρωθυπουργὸς ἀπέφυγε νὰ ἀπαντήσῃ
ἐὰν θὰ ἐδιώκετο διὰ τὴν ἰδίαν εἴδησιν
ἡ διευθύντρια φιλικῆς του ἐφημερίδος
ΑΘΗΝΑΙ, 22.
ὑπὸ τῆς ἐπιτροπῆς διὰ τὴν ἐξέτασιν τοῦ ζητήματος, καθ' ἃ ἀνεκοινώθη χθὲς ἐκ τῆς ἀρμοδίας ὑπηρεσίας, ἀπεφασίσθη ὅπως αἱ ἐργασίαι συνεχισθοῦν κατὰ τὰς προσεχεῖς ἡμέρας μὲ τὴν συμμετοχὴν πάντων τῶν ἐνδιαφερομένων. Ἡ κυβέρνησις ἐδήλωσεν ὅτι θὰ ληφθοῦν ὅλα τὰ ἀπαραίτητα μέτρα διὰ τὴν ὁμαλὴν διεξαγωγὴν τῶν ἐκδηλώσεων, ἐνῷ αἱ τοπικαὶ ἀρχαὶ ἐξέφρασαν τὴν ἱκανοποίησίν των διὰ τὴν πρόοδον τῶν ἐργασιῶν. Κατὰ τὰς πληροφορίας, αἱ διαπραγματεύσεις θὰ συνεχισθοῦν καὶ κατὰ τὴν προσεχῆ ἑβδομάδα, ὁπότε ἀναμένεται ἡ τελικὴ ἀπόφασις. Ἐκ παραλλήλου, ἡ ἐπιτροπὴ ἐζήτησε πλήρη στοιχεῖα διὰ τὴν κατάστασιν καὶ τὰς ἀνάγκας τῆς περιοχῆς, ὥστε νὰ καταστῇ δυνατὴ ἡ ἔγκαιρος λῆψις τῶν ἐνδεικνυομένων μέτρων.
ΕΚΠΑΝΗΣΙΣ ΕΙΣ ΤΗΝ ΑΓΓΛΙΑΝ
ὑπὸ τῆς ἐπιτροπῆς διὰ τὴν ἐξέτασιν τοῦ ζητήματος, καθ' ἃ ἀνεκοινώθη χθὲς ἐκ τῆς ἀρμοδίας ὑπηρεσίας, ἀπεφασίσθη ὅπως αἱ ἐργασίαι συνεχισθοῦν κατὰ τὰς προσεχεῖς ἡμέρας μὲ τὴν συμμετοχὴν πάντων τῶν ἐνδιαφερομένων. Ἡ κυβέρνησις ἐδήλωσεν ὅτι θὰ ληφθοῦν ὅλα τὰ ἀπαραίτητα μέτρα διὰ τὴν ὁμαλὴν διεξαγωγὴν τῶν ἐκδηλώσεων, ἐνῷ αἱ τοπικαὶ ἀρχαὶ ἐξέφρασαν τὴν ἱκανοποίησίν των διὰ τὴν πρόοδον τῶν ἐργασιῶν. Κατὰ τὰς πληροφορίας, αἱ διαπραγματεύσεις θὰ συνεχισθοῦν καὶ κατὰ τὴν προσεχῆ ἑβδομάδα, ὁπότε ἀναμένεται ἡ τελικὴ ἀπόφασις. Ἐκ παραλλήλου, ἡ ἐπιτροπὴ ἐζήτησε πλήρη στοιχεῖα διὰ τὴν κατάστασιν καὶ τὰς ἀνάγκας τῆς περιοχῆς, ὥστε νὰ καταστῇ δυνατὴ ἡ ἔγκαιρος λῆψις τῶν ἐνδεικνυομένων μέτρων.
Ο κ. ΚΑΡΑΜΑΝΛΗΣ
ὑπὸ τῆς ἐπιτροπῆς διὰ τὴν ἐξέτασιν τοῦ ζητήματος, καθ' ἃ ἀνεκοινώθη χθὲς ἐκ τῆς ἀρμοδίας ὑπηρεσίας, ἀπεφασίσθη ὅπως αἱ ἐργασίαι συνεχισθοῦν κατὰ τὰς προσεχεῖς ἡμέρας μὲ τὴν συμμετοχὴν πάντων τῶν ἐνδιαφερομένων. Ἡ κυβέρνησις ἐδήλωσεν ὅτι θὰ ληφθοῦν ὅλα τὰ ἀπαραίτητα μέτρα διὰ τὴν ὁμαλὴν διεξαγωγὴν τῶν ἐκδηλώσεων, ἐνῷ αἱ τοπικαὶ ἀρχαὶ ἐξέφρασαν τὴν ἱκανοποίησίν των διὰ τὴν πρόοδον τῶν ἐργασιῶν. Κατὰ τὰς πληροφορίας, αἱ διαπραγματεύσεις θὰ συνεχισθοῦν καὶ κατὰ τὴν προσεχῆ ἑβδομάδα, ὁπότε ἀναμένεται ἡ τελικὴ ἀπόφασις. Ἐκ παραλλήλου, ἡ ἐπιτροπὴ ἐζήτησε πλήρη στοιχεῖα διὰ τὴν κατάστασιν καὶ τὰς ἀνάγκας τῆς περιοχῆς, ὥστε νὰ καταστῇ δυνατὴ ἡ ἔγκαιρος λῆψις τῶν ἐνδεικνυομένων μέτρων.
ΚΑΤΑΓΓΕΛΛΕΤΑΙ Η ΚΥΒΕΡΝΗΣΙΣ
ΝΕΑ ΥΟΡΚΗ, 22. (Ἀσ. Πρέ.).
ὑπὸ τῆς ἐπιτροπῆς διὰ τὴν ἐξέτασιν τοῦ ζητήματος, καθ' ἃ ἀνεκοινώθη χθὲς ἐκ τῆς ἀρμοδίας ὑπηρεσίας, ἀπεφασίσθη ὅπως αἱ ἐργασίαι συνεχισθοῦν κατὰ τὰς προσεχεῖς ἡμέρας μὲ τὴν συμμετοχὴν πάντων τῶν ἐνδιαφερομένων. Ἡ κυβέρνησις ἐδήλωσεν ὅτι θὰ ληφθοῦν ὅλα τὰ ἀπαραίτητα μέτρα διὰ τὴν ὁμαλὴν διεξαγωγὴν τῶν ἐκδηλώσεων, ἐνῷ αἱ τοπικαὶ ἀρχαὶ ἐξέφρασαν τὴν ἱκανοποίησίν των διὰ τὴν πρόοδον τῶν ἐργασιῶν. Κατὰ τὰς πληροφορίας, αἱ διαπραγματεύσεις θὰ συνεχισθοῦν καὶ κατὰ τὴν προσεχῆ ἑβδομάδα, ὁπότε ἀναμένεται ἡ τελικὴ ἀπόφασις. Ἐκ παραλλήλου, ἡ ἐπιτροπὴ ἐζήτησε πλήρη στοιχεῖα διὰ τὴν κατάστασιν καὶ τὰς ἀνάγκας τῆς περιοχῆς, ὥστε νὰ καταστῇ δυνατὴ ἡ ἔγκαιρος λῆψις τῶν ἐνδεικνυομένων μέτρων.
ΕΩΡΤΑΣΘΗ ΕΙΣ ΤΗΝ ΘΕΣΣΑΛΟΝΙΚΗΝ ΚΑΙ ΤΑΣ ΑΘΗΝΑΣ Η ΕΓΓΡΑΦΗ ΤΟΥ ΧΙΛΙΟΣΤΟΥ ΣΚΑΦΟΥΣ ΕΙΣ ΤΑ ΝΗΟΛΟΓΙΑ ΤΟΥ ΕΛΛΗΝΙΚΟΥ ΕΜΠΟΡΙΚΟΥ ΝΑΥΤΙΚΟΥ
ὑπὸ τῆς ἐπιτροπῆς διὰ τὴν ἐξέτασιν τοῦ ζητήματος, καθ' ἃ ἀνεκοινώθη χθὲς ἐκ τῆς ἀρμοδίας ὑπηρεσίας, ἀπεφασίσθη ὅπως αἱ ἐργασίαι συνεχισθοῦν κατὰ τὰς προσεχεῖς ἡμέρας μὲ τὴν συμμετοχὴν πάντων τῶν ἐνδιαφερομένων. Ἡ κυβέρνησις ἐδήλωσεν ὅτι θὰ ληφθοῦν ὅλα τὰ ἀπαραίτητα μέτρα διὰ τὴν ὁμαλὴν διεξαγωγὴν τῶν ἐκδηλώσεων, ἐνῷ αἱ τοπικαὶ ἀρχαὶ ἐξέφρασαν τὴν ἱκανοποίησίν των διὰ τὴν πρόοδον τῶν ἐργασιῶν. Κατὰ τὰς πληροφορίας, αἱ διαπραγματεύσεις θὰ συνεχισθοῦν καὶ κατὰ τὴν προσεχῆ ἑβδομάδα, ὁπότε ἀναμένεται ἡ τελικὴ ἀπόφασις. Ἐκ παραλλήλου, ἡ ἐπιτροπὴ ἐζήτησε πλήρη στοιχεῖα διὰ τὴν κατάστασιν καὶ τὰς ἀνάγκας τῆς περιοχῆς, ὥστε νὰ καταστῇ δυνατὴ ἡ ἔγκαιρος λῆψις τῶν ἐνδεικνυομένων μέτρων.
Η ΖΩΗ ΤΗΣ ΕΛΛΑΔΟΣ
ὑπὸ τῆς ἐπιτροπῆς διὰ τὴν ἐξέτασιν τοῦ ζητήματος, καθ' ἃ ἀνεκοινώθη χθὲς ἐκ τῆς ἀρμοδίας ὑπηρεσίας, ἀπεφασίσθη ὅπως αἱ ἐργασίαι συνεχισθοῦν κατὰ τὰς προσεχεῖς ἡμέρας μὲ τὴν συμμετοχὴν πάντων τῶν ἐνδιαφερομένων. Ἡ κυβέρνησις ἐδήλωσεν ὅτι θὰ ληφθοῦν ὅλα τὰ ἀπαραίτητα μέτρα διὰ τὴν ὁμαλὴν διεξαγωγὴν τῶν ἐκδηλώσεων, ἐνῷ αἱ τοπικαὶ ἀρχαὶ ἐξέφρασαν τὴν ἱκανοποίησίν των διὰ τὴν πρόοδον τῶν ἐργασιῶν. Κατὰ τὰς πληροφορίας, αἱ διαπραγματεύσεις θὰ συνεχισθοῦν καὶ κατὰ τὴν προσεχῆ ἑβδομάδα, ὁπότε ἀναμένεται ἡ τελικὴ ἀπόφασις. Ἐκ παραλλήλου, ἡ ἐπιτροπὴ ἐζήτησε πλήρη στοιχεῖα διὰ τὴν κατάστασιν καὶ τὰς ἀνάγκας τῆς περιοχῆς, ὥστε νὰ καταστῇ δυνατὴ ἡ ἔγκαιρος λῆψις τῶν ἐνδεικνυομένων μέτρων.
ΕΙΣ ΑΘΗΝΑΣ
ΑΘΗΝΑΙ, 22.
ὑπὸ τῆς ἐπιτροπῆς διὰ τὴν ἐξέτασιν τοῦ ζητήματος, καθ' ἃ ἀνεκοινώθη χθὲς ἐκ τῆς ἀρμοδίας ὑπηρεσίας, ἀπεφασίσθη ὅπως αἱ ἐργασίαι συνεχισθοῦν κατὰ τὰς προσεχεῖς ἡμέρας μὲ τὴν συμμετοχὴν πάντων τῶν ἐνδιαφερομένων. Ἡ κυβέρνησις ἐδήλωσεν ὅτι θὰ ληφθοῦν ὅλα τὰ ἀπαραίτητα μέτρα διὰ τὴν ὁμαλὴν διεξαγωγὴν τῶν ἐκδηλώσεων, ἐνῷ αἱ τοπικαὶ ἀρχαὶ ἐξέφρασαν τὴν ἱκανοποίησίν των διὰ τὴν πρόοδον τῶν ἐργασιῶν. Κατὰ τὰς πληροφορίας, αἱ διαπραγματεύσεις θὰ συνεχισθοῦν καὶ κατὰ τὴν προσεχῆ ἑβδομάδα, ὁπότε ἀναμένεται ἡ τελικὴ ἀπόφασις. Ἐκ παραλλήλου, ἡ ἐπιτροπὴ ἐζήτησε πλήρη στοιχεῖα διὰ τὴν κατάστασιν καὶ τὰς ἀνάγκας τῆς περιοχῆς, ὥστε νὰ καταστῇ δυνατὴ ἡ ἔγκαιρος λῆψις τῶν ἐνδεικνυομένων μέτρων.
Ο ΤΥΠΟΣ ΤΗΣ ΔΥΤΙΚΗΣ ΓΕΡΜΑΝΙΑΣ ΘΕΩΡΕΙ ΩΣ ΠΡΟΚΛΗΣΙΝ ΡΩΣΣΙΚΗΝ ΤΟ ΕΠΕΙΣΟΔΙΟΝ ΤΟΥ κ. ΣΜΥΡΝΩΦ
ΑΜΒΟΥΡΓΟΝ, 22. (Γερ. πρακτ.).
ὑπὸ τῆς ἐπιτροπῆς διὰ τὴν ἐξέτασιν τοῦ ζητήματος, καθ' ἃ ἀνεκοινώθη χθὲς ἐκ τῆς ἀρμοδίας ὑπηρεσίας, ἀπεφασίσθη ὅπως αἱ ἐργασίαι συνεχισθοῦν κατὰ τὰς προσεχεῖς ἡμέρας μὲ τὴν συμμετοχὴν πάντων τῶν ἐνδιαφερομένων. Ἡ κυβέρνησις ἐδήλωσεν ὅτι θὰ ληφθοῦν ὅλα τὰ ἀπαραίτητα μέτρα διὰ τὴν ὁμαλὴν διεξαγωγὴν τῶν ἐκδηλώσεων, ἐνῷ αἱ τοπικαὶ ἀρχαὶ ἐξέφρασαν τὴν ἱκανοποίησίν των διὰ τὴν πρόοδον τῶν ἐργασιῶν. Κατὰ τὰς πληροφορίας, αἱ διαπραγματεύσεις θὰ συνεχισθοῦν καὶ κατὰ τὴν προσεχῆ ἑβδομάδα, ὁπότε ἀναμένεται ἡ τελικὴ ἀπόφασις. Ἐκ παραλλήλου, ἡ ἐπιτροπὴ ἐζήτησε πλήρη στοιχεῖα διὰ τὴν κατάστασιν καὶ τὰς ἀνάγκας τῆς περιοχῆς, ὥστε νὰ καταστῇ δυνατὴ ἡ ἔγκαιρος λῆψις τῶν ἐνδεικνυομένων μέτρων.
Ο ΕΛΛΗΝ ΝΑΥΤΗΣ
ὑπὸ τῆς ἐπιτροπῆς διὰ τὴν ἐξέτασιν τοῦ ζητήματος, καθ' ἃ ἀνεκοινώθη χθὲς ἐκ τῆς ἀρμοδίας ὑπηρεσίας, ἀπεφασίσθη ὅπως αἱ ἐργασίαι συνεχισθοῦν κατὰ τὰς προσεχεῖς ἡμέρας μὲ τὴν συμμετοχὴν πάντων τῶν ἐνδιαφερομένων. Ἡ κυβέρνησις ἐδήλωσεν ὅτι θὰ ληφθοῦν ὅλα τὰ ἀπαραίτητα μέτρα διὰ τὴν ὁμαλὴν διεξαγωγὴν τῶν ἐκδηλώσεων, ἐνῷ αἱ τοπικαὶ ἀρχαὶ ἐξέφρασαν τὴν ἱκανοποίησίν των διὰ τὴν πρόοδον τῶν ἐργασιῶν. Κατὰ τὰς πληροφορίας, αἱ διαπραγματεύσεις θὰ συνεχισθοῦν καὶ κατὰ τὴν προσεχῆ ἑβδομάδα, ὁπότε ἀναμένεται ἡ τελικὴ ἀπόφασις. Ἐκ παραλλήλου, ἡ ἐπιτροπὴ ἐζήτησε πλήρη στοιχεῖα διὰ τὴν κατάστασιν καὶ τὰς ἀνάγκας τῆς περιοχῆς, ὥστε νὰ καταστῇ δυνατὴ ἡ ἔγκαιρος λῆψις τῶν ἐνδεικνυομένων μέτρων.
ΠΥΡΑΥΛΟΝ «ΑΤΛΑΣ» ΕΞΕΤΟΞΕΥΣΑΝ ΕΠΙΤΥΧΩΣ ΧΘΕΣ ΟΙ ΑΜΕΡΙΚΑΝΟΙ
ΕΠΕΣΕΝ ΕΓΓΥΤΑΤΑ ΤΗΣ Ν. ΑΦΡΙΚΗΣ
ΑΚΡΩΤΗΡΙΟΝ ΚΑΝΑΒΕΡΑΛ, 22.
ὑπὸ τῆς ἐπιτροπῆς διὰ τὴν ἐξέτασιν τοῦ ζητήματος, καθ' ἃ ἀνεκοινώθη χθὲς ἐκ τῆς ἀρμοδίας ὑπηρεσίας, ἀπεφασίσθη ὅπως αἱ ἐργασίαι συνεχισθοῦν κατὰ τὰς προσεχεῖς ἡμέρας μὲ τὴν συμμετοχὴν πάντων τῶν ἐνδιαφερομένων. Ἡ κυβέρνησις ἐδήλωσεν ὅτι θὰ ληφθοῦν ὅλα τὰ ἀπαραίτητα μέτρα διὰ τὴν ὁμαλὴν διεξαγωγὴν τῶν ἐκδηλώσεων, ἐνῷ αἱ τοπικαὶ ἀρχαὶ ἐξέφρασαν τὴν ἱκανοποίησίν των διὰ τὴν πρόοδον τῶν ἐργασιῶν. Κατὰ τὰς πληροφορίας, αἱ διαπραγματεύσεις θὰ συνεχισθοῦν καὶ κατὰ τὴν προσεχῆ ἑβδομάδα, ὁπότε ἀναμένεται ἡ τελικὴ ἀπόφασις. Ἐκ παραλλήλου, ἡ ἐπιτροπὴ ἐζήτησε πλήρη στοιχεῖα διὰ τὴν κατάστασιν καὶ τὰς ἀνάγκας τῆς περιοχῆς, ὥστε νὰ καταστῇ δυνατὴ ἡ ἔγκαιρος λῆψις τῶν ἐνδεικνυομένων μέτρων.
ΕΤΙΜΩΡΗΘΗ ΔΙΑ ΤΡΙΜΗΝΟΥ ΑΡΓΙΑΣ ΥΠΟ ΤΟΥ ΝΟΜΑΡΧΟΥ ΘΕΣΣΑΛΟΝΙΚΗΣ Ο ΦΙΛΕΛΕΥΘΕΡΟΣ ΔΗΜΑΡΧΟΣ ΛΑΓΚΑΔΑ ΚΑΙ ΤΕΣΣΑΡΕΣ ΣΥΜΒΟΥΛΟΙ ΣΥΚΕΩΝ
ὑπὸ τῆς ἐπιτροπῆς διὰ τὴν ἐξέτασιν τοῦ ζητήματος, καθ' ἃ ἀνεκοινώθη χθὲς ἐκ τῆς ἀρμοδίας ὑπηρεσίας, ἀπεφασίσθη ὅπως αἱ ἐργασίαι συνεχισθοῦν κατὰ τὰς προσεχεῖς ἡμέρας μὲ τὴν συμμετοχὴν πάντων τῶν ἐνδιαφερομένων. Ἡ κυβέρνησις ἐδήλωσεν ὅτι θὰ ληφθοῦν ὅλα τὰ ἀπαραίτητα μέτρα διὰ τὴν ὁμαλὴν διεξαγωγὴν τῶν ἐκδηλώσεων, ἐνῷ αἱ τοπικαὶ ἀρχαὶ ἐξέφρασαν τὴν ἱκανοποίησίν των διὰ τὴν πρόοδον τῶν ἐργασιῶν. Κατὰ τὰς πληροφορίας, αἱ διαπραγματεύσεις θὰ συνεχισθοῦν καὶ κατὰ τὴν προσεχῆ ἑβδομάδα, ὁπότε ἀναμένεται ἡ τελικὴ ἀπόφασις. Ἐκ παραλλήλου, ἡ ἐπιτροπὴ ἐζήτησε πλήρη στοιχεῖα διὰ τὴν κατάστασιν καὶ τὰς ἀνάγκας τῆς περιοχῆς, ὥστε νὰ καταστῇ δυνατὴ ἡ ἔγκαιρος λῆψις τῶν ἐνδεικνυομένων μέτρων.
ΑΙ ΔΑΠΑΝΑΙ ΤΟΥ ΣΤΑΔΙΟΥ
ὑπὸ τῆς ἐπιτροπῆς διὰ τὴν ἐξέτασιν τοῦ ζητήματος, καθ' ἃ ἀνεκοινώθη χθὲς ἐκ τῆς ἀρμοδίας ὑπηρεσίας, ἀπεφασίσθη ὅπως αἱ ἐργασίαι συνεχισθοῦν κατὰ τὰς προσεχεῖς ἡμέρας μὲ τὴν συμμετοχὴν πάντων τῶν ἐνδιαφερομένων. Ἡ κυβέρνησις ἐδήλωσεν ὅτι θὰ ληφθοῦν ὅλα τὰ ἀπαραίτητα μέτρα διὰ τὴν ὁμαλὴν διεξαγωγὴν τῶν ἐκδηλώσεων, ἐνῷ αἱ τοπικαὶ ἀρχαὶ ἐξέφρασαν τὴν ἱκανοποίησίν των διὰ τὴν πρόοδον τῶν ἐργασιῶν. Κατὰ τὰς πληροφορίας, αἱ διαπραγματεύσεις θὰ συνεχισθοῦν καὶ κατὰ τὴν προσεχῆ ἑβδομάδα, ὁπότε ἀναμένεται ἡ τελικὴ ἀπόφασις. Ἐκ παραλλήλου, ἡ ἐπιτροπὴ ἐζήτησε πλήρη στοιχεῖα διὰ τὴν κατάστασιν καὶ τὰς ἀνάγκας τῆς περιοχῆς, ὥστε νὰ καταστῇ δυνατὴ ἡ ἔγκαιρος λῆψις τῶν ἐνδεικνυομένων μέτρων.
ΤΗΛΕΓΡΑΦΗΜΑ ΤΟΥ κ. ΜΠΑΚΑΤΣΕΛΟΥ
ΚΑΙ 4 ΣΥΜΒΟΥΛΟΙ ΣΥΚΕΩΝ
ὑπὸ τῆς ἐπιτροπῆς διὰ τὴν ἐξέτασιν τοῦ ζητήματος, καθ' ἃ ἀνεκοινώθη χθὲς ἐκ τῆς ἀρμοδίας ὑπηρεσίας, ἀπεφασίσθη ὅπως αἱ ἐργασίαι συνεχισθοῦν κατὰ τὰς προσεχεῖς ἡμέρας μὲ τὴν συμμετοχὴν πάντων τῶν ἐνδιαφερομένων. Ἡ κυβέρνησις ἐδήλωσεν ὅτι θὰ ληφθοῦν ὅλα τὰ ἀπαραίτητα μέτρα διὰ τὴν ὁμαλὴν διεξαγωγὴν τῶν ἐκδηλώσεων, ἐνῷ αἱ τοπικαὶ ἀρχαὶ ἐξέφρασαν τὴν ἱκανοποίησίν των διὰ τὴν πρόοδον τῶν ἐργασιῶν. Κατὰ τὰς πληροφορίας, αἱ διαπραγματεύσεις θὰ συνεχισθοῦν καὶ κατὰ τὴν προσεχῆ ἑβδομάδα, ὁπότε ἀναμένεται ἡ τελικὴ ἀπόφασις. Ἐκ παραλλήλου, ἡ ἐπιτροπὴ ἐζήτησε πλήρη στοιχεῖα διὰ τὴν κατάστασιν καὶ τὰς ἀνάγκας τῆς περιοχῆς, ὥστε νὰ καταστῇ δυνατὴ ἡ ἔγκαιρος λῆψις τῶν ἐνδεικνυομένων μέτρων.
ΑΜΕΡΙΚΑΝΙΚΟΝ ΕΠΙΒΑΤΗΓΟΝ ΚΑΙ ΕΝ ΙΤΑΛΙΚΟΝ ΦΟΡΤΗΓΟΝ
συνεκρούσθησαν
λόγῳ τῆς ὁμιχλης
ΕΙΣ ΤΟΝ ΜΙΣΣΙΣΣΙΠΗ
15 ΟΙ ΝΕΚΡΟΙ, 25 ΟΙ ΤΡΑΥΜΑΤΙΑΙ
ΜΠΟΥΡΑΣ, Λουιζιάνα, 22. (Ἀσ. Πρέ.).
ὑπὸ τῆς ἐπιτροπῆς διὰ τὴν ἐξέτασιν τοῦ ζητήματος, καθ' ἃ ἀνεκοινώθη χθὲς ἐκ τῆς ἀρμοδίας ὑπηρεσίας, ἀπεφασίσθη ὅπως αἱ ἐργασίαι συνεχισθοῦν κατὰ τὰς προσεχεῖς ἡμέρας μὲ τὴν συμμετοχὴν πάντων τῶν ἐνδιαφερομένων. Ἡ κυβέρνησις ἐδήλωσεν ὅτι θὰ ληφθοῦν ὅλα τὰ ἀπαραίτητα μέτρα διὰ τὴν ὁμαλὴν διεξαγωγὴν τῶν ἐκδηλώσεων, ἐνῷ αἱ τοπικαὶ ἀρχαὶ ἐξέφρασαν τὴν ἱκανοποίησίν των διὰ τὴν πρόοδον τῶν ἐργασιῶν. Κατὰ τὰς πληροφορίας, αἱ διαπραγματεύσεις θὰ συνεχισθοῦν καὶ κατὰ τὴν προσεχῆ ἑβδομάδα, ὁπότε ἀναμένεται ἡ τελικὴ ἀπόφασις. Ἐκ παραλλήλου, ἡ ἐπιτροπὴ ἐζήτησε πλήρη στοιχεῖα διὰ τὴν κατάστασιν καὶ τὰς ἀνάγκας τῆς περιοχῆς, ὥστε νὰ καταστῇ δυνατὴ ἡ ἔγκαιρος λῆψις τῶν ἐνδεικνυομένων μέτρων.
ὑπὸ τῆς ἐπιτροπῆς διὰ τὴν ἐξέτασιν τοῦ ζητήματος, καθ' ἃ ἀνεκοινώθη χθὲς ἐκ τῆς ἀρμοδίας ὑπηρεσίας, ἀπεφασίσθη ὅπως αἱ ἐργασίαι συνεχισθοῦν κατὰ τὰς προσεχεῖς ἡμέρας μὲ τὴν συμμετοχὴν πάντων τῶν ἐνδιαφερομένων. Ἡ κυβέρνησις ἐδήλωσεν ὅτι θὰ ληφθοῦν ὅλα τὰ ἀπαραίτητα μέτρα διὰ τὴν ὁμαλὴν διεξαγωγὴν τῶν ἐκδηλώσεων, ἐνῷ αἱ τοπικαὶ ἀρχαὶ ἐξέφρασαν τὴν ἱκανοποίησίν των διὰ τὴν πρόοδον τῶν ἐργασιῶν. Κατὰ τὰς πληροφορίας, αἱ διαπραγματεύσεις θὰ συνεχισθοῦν καὶ κατὰ τὴν προσεχῆ ἑβδομάδα, ὁπότε ἀναμένεται ἡ τελικὴ ἀπόφασις. Ἐκ παραλλήλου, ἡ ἐπιτροπὴ ἐζήτησε πλήρη στοιχεῖα διὰ τὴν κατάστασιν καὶ τὰς ἀνάγκας τῆς περιοχῆς, ὥστε νὰ καταστῇ δυνατὴ ἡ ἔγκαιρος λῆψις τῶν ἐνδεικνυομένων μέτρων.
ΕΝ ΑΓΝΟΙΑ ΤΗΣ, ΙΤΑΛΙΚΗ ΟΙΚΟΓΕΝΕΙΑ ΕΙΣΗΓΑΓΕΝ ΕΙΣ ΤΗΝ Ν. ΥΟΡΚΗΝ ΜΕΓΑΛΗΝ ΠΟΣΟΤΗΤΑ ΗΡΩΙΝΗΣ ΑΞΙΑΣ ΠΕΝΤΕ ΕΚΑΤΟΜΜΥΡΙΩΝ ΔΟΛΛΑΡΙΩΝ
ΝΕΑ ΥΟΡΚΗ, 22. (Ἀσσοσ. Πρές).
ὑπὸ τῆς ἐπιτροπῆς διὰ τὴν ἐξέτασιν τοῦ ζητήματος, καθ' ἃ ἀνεκοινώθη χθὲς ἐκ τῆς ἀρμοδίας ὑπηρεσίας, ἀπεφασίσθη ὅπως αἱ ἐργασίαι συνεχισθοῦν κατὰ τὰς προσεχεῖς ἡμέρας μὲ τὴν συμμετοχὴν πάντων τῶν ἐνδιαφερομένων. Ἡ κυβέρνησις ἐδήλωσεν ὅτι θὰ ληφθοῦν ὅλα τὰ ἀπαραίτητα μέτρα διὰ τὴν ὁμαλὴν διεξαγωγὴν τῶν ἐκδηλώσεων, ἐνῷ αἱ τοπικαὶ ἀρχαὶ ἐξέφρασαν τὴν ἱκανοποίησίν των διὰ τὴν πρόοδον τῶν ἐργασιῶν. Κατὰ τὰς πληροφορίας, αἱ διαπραγματεύσεις θὰ συνεχισθοῦν καὶ κατὰ τὴν προσεχῆ ἑβδομάδα, ὁπότε ἀναμένεται ἡ τελικὴ ἀπόφασις. Ἐκ παραλλήλου, ἡ ἐπιτροπὴ ἐζήτησε πλήρη στοιχεῖα διὰ τὴν κατάστασιν καὶ τὰς ἀνάγκας τῆς περιοχῆς, ὥστε νὰ καταστῇ δυνατὴ ἡ ἔγκαιρος λῆψις τῶν ἐνδεικνυομένων μέτρων.
Η ΕΝΩΣΙΣ ΣΥΝΤΑΚΤΩΝ ΚΑΛΕΙ ΑΡΧΑΣ ΚΑΙ ΟΡΓΑΝΩΣΕΙΣ ΝΑ ΕΝΙΣΧΥΣΟΥΝ ΟΛΟΨΥΧΩΣ ΤΗΝ ΚΑΤ' ΕΤΟΣ ΔΙΟΡΓΑΝΩΣΙΝ ΚΙΝΗΜΑΤΟΓΡΑΦΙΚΟΥ ΦΕΣΤΙΒΑΛ ΕΙΣ ΤΗΝ ΘΕΣΣΑΛΟΝΙΚΗΝ
ΤΕΡΑΣΤΙΑ Η ΕΠΙΣΤΗΜΟΝΙΚΗ ΚΑΙ ΟΙΚΟΝΟΜΙΚΗ ΩΦΕΛΕΙΑ
ὑπὸ τῆς ἐπιτροπῆς διὰ τὴν ἐξέτασιν τοῦ ζητήματος, καθ' ἃ ἀνεκοινώθη χθὲς ἐκ τῆς ἀρμοδίας ὑπηρεσίας, ἀπεφασίσθη ὅπως αἱ ἐργασίαι συνεχισθοῦν κατὰ τὰς προσεχεῖς ἡμέρας μὲ τὴν συμμετοχὴν πάντων τῶν ἐνδιαφερομένων. Ἡ κυβέρνησις ἐδήλωσεν ὅτι θὰ ληφθοῦν ὅλα τὰ ἀπαραίτητα μέτρα διὰ τὴν ὁμαλὴν διεξαγωγὴν τῶν ἐκδηλώσεων, ἐνῷ αἱ τοπικαὶ ἀρχαὶ ἐξέφρασαν τὴν ἱκανοποίησίν των διὰ τὴν πρόοδον τῶν ἐργασιῶν. Κατὰ τὰς πληροφορίας, αἱ διαπραγματεύσεις θὰ συνεχισθοῦν καὶ κατὰ τὴν προσεχῆ ἑβδομάδα, ὁπότε ἀναμένεται ἡ τελικὴ ἀπόφασις. Ἐκ παραλλήλου, ἡ ἐπιτροπὴ ἐζήτησε πλήρη στοιχεῖα διὰ τὴν κατάστασιν καὶ τὰς ἀνάγκας τῆς περιοχῆς, ὥστε νὰ καταστῇ δυνατὴ ἡ ἔγκαιρος λῆψις τῶν ἐνδεικνυομένων μέτρων.
ὑπὸ τῆς ἐπιτροπῆς διὰ τὴν ἐξέτασιν τοῦ ζητήματος, καθ' ἃ ἀνεκοινώθη χθὲς ἐκ τῆς ἀρμοδίας ὑπηρεσίας, ἀπεφασίσθη ὅπως αἱ ἐργασίαι συνεχισθοῦν κατὰ τὰς προσεχεῖς ἡμέρας μὲ τὴν συμμετοχὴν πάντων τῶν ἐνδιαφερομένων. Ἡ κυβέρνησις ἐδήλωσεν ὅτι θὰ ληφθοῦν ὅλα τὰ ἀπαραίτητα μέτρα διὰ τὴν ὁμαλὴν διεξαγωγὴν τῶν ἐκδηλώσεων, ἐνῷ αἱ τοπικαὶ ἀρχαὶ ἐξέφρασαν τὴν ἱκανοποίησίν των διὰ τὴν πρόοδον τῶν ἐργασιῶν. Κατὰ τὰς πληροφορίας, αἱ διαπραγματεύσεις θὰ συνεχισθοῦν καὶ κατὰ τὴν προσεχῆ ἑβδομάδα, ὁπότε ἀναμένεται ἡ τελικὴ ἀπόφασις. Ἐκ παραλλήλου, ἡ ἐπιτροπὴ ἐζήτησε πλήρη στοιχεῖα διὰ τὴν κατάστασιν καὶ τὰς ἀνάγκας τῆς περιοχῆς, ὥστε νὰ καταστῇ δυνατὴ ἡ ἔγκαιρος λῆψις τῶν ἐνδεικνυομένων μέτρων.
ΤΟ ΣΤΑΙΤ ΝΤΗΠΑΡΤΜΕΝΤ ΥΠΕΝΘΥΜΙΖΕΙ ΤΗΝ ΕΠΕΤΕΙΟΝ ΤΟΥ ΟΥΓΓΡΙΚΟΥ ΚΙΝΗΜΑΤΟΣ
ΟΥΑΣΙΓΚΤΩΝ, 22. (Ρώυτερ).
ὑπὸ τῆς ἐπιτροπῆς διὰ τὴν ἐξέτασιν τοῦ ζητήματος, καθ' ἃ ἀνεκοινώθη χθὲς ἐκ τῆς ἀρμοδίας ὑπηρεσίας, ἀπεφασίσθη ὅπως αἱ ἐργασίαι συνεχισθοῦν κατὰ τὰς προσεχεῖς ἡμέρας μὲ τὴν συμμετοχὴν πάντων τῶν ἐνδιαφερομένων. Ἡ κυβέρνησις ἐδήλωσεν ὅτι θὰ ληφθοῦν ὅλα τὰ ἀπαραίτητα μέτρα διὰ τὴν ὁμαλὴν διεξαγωγὴν τῶν ἐκδηλώσεων, ἐνῷ αἱ τοπικαὶ ἀρχαὶ ἐξέφρασαν τὴν ἱκανοποίησίν των διὰ τὴν πρόοδον τῶν ἐργασιῶν. Κατὰ τὰς πληροφορίας, αἱ διαπραγματεύσεις θὰ συνεχισθοῦν καὶ κατὰ τὴν προσεχῆ ἑβδομάδα, ὁπότε ἀναμένεται ἡ τελικὴ ἀπόφασις. Ἐκ παραλλήλου, ἡ ἐπιτροπὴ ἐζήτησε πλήρη στοιχεῖα διὰ τὴν κατάστασιν καὶ τὰς ἀνάγκας τῆς περιοχῆς, ὥστε νὰ καταστῇ δυνατὴ ἡ ἔγκαιρος λῆψις τῶν ἐνδεικνυομένων μέτρων.
ΕΙΣ ΣΥΓΚΕΝΤΡΩΣΙΝ ΣΤΕΛΕΧΩΝ ΤΗΣ Ε.Ρ.Ε.
Περίεργοι δηλώσεις τοῦ κ. Α. Θεολογίτη περὶ «συνωμοτικοῦ θορύβου» καὶ «ἀσυδοσίας Βουλῆς καὶ τοῦ τύπου»
ΕΙΝΑΙ ΙΚΑΝΟΠΟΙΗΜΕΝΟΣ ΔΙΟΤΙ ΣΥΜΒΑΛΛΕΙ ΕΙΣ ΜΙΑΝ «ΑΝΙΣΤΟΡΗΤΟΝ ΔΗΜΙΟΥΡΓΙΑΝ»
ὑπὸ τῆς ἐπιτροπῆς διὰ τὴν ἐξέτασιν τοῦ ζητήματος, καθ' ἃ ἀνεκοινώθη χθὲς ἐκ τῆς ἀρμοδίας ὑπηρεσίας, ἀπεφασίσθη ὅπως αἱ ἐργασίαι συνεχισθοῦν κατὰ τὰς προσεχεῖς ἡμέρας μὲ τὴν συμμετοχὴν πάντων τῶν ἐνδιαφερομένων. Ἡ κυβέρνησις ἐδήλωσεν ὅτι θὰ ληφθοῦν ὅλα τὰ ἀπαραίτητα μέτρα διὰ τὴν ὁμαλὴν διεξαγωγὴν τῶν ἐκδηλώσεων, ἐνῷ αἱ τοπικαὶ ἀρχαὶ ἐξέφρασαν τὴν ἱκανοποίησίν των διὰ τὴν πρόοδον τῶν ἐργασιῶν. Κατὰ τὰς πληροφορίας, αἱ διαπραγματεύσεις θὰ συνεχισθοῦν καὶ κατὰ τὴν προσεχῆ ἑβδομάδα, ὁπότε ἀναμένεται ἡ τελικὴ ἀπόφασις. Ἐκ παραλλήλου, ἡ ἐπιτροπὴ ἐζήτησε πλήρη στοιχεῖα διὰ τὴν κατάστασιν καὶ τὰς ἀνάγκας τῆς περιοχῆς, ὥστε νὰ καταστῇ δυνατὴ ἡ ἔγκαιρος λῆψις τῶν ἐνδεικνυομένων μέτρων.
ὑπὸ τῆς ἐπιτροπῆς διὰ τὴν ἐξέτασιν τοῦ ζητήματος, καθ' ἃ ἀνεκοινώθη χθὲς ἐκ τῆς ἀρμοδίας ὑπηρεσίας, ἀπεφασίσθη ὅπως αἱ ἐργασίαι συνεχισθοῦν κατὰ τὰς προσεχεῖς ἡμέρας μὲ τὴν συμμετοχὴν πάντων τῶν ἐνδιαφερομένων. Ἡ κυβέρνησις ἐδήλωσεν ὅτι θὰ ληφθοῦν ὅλα τὰ ἀπαραίτητα μέτρα διὰ τὴν ὁμαλὴν διεξαγωγὴν τῶν ἐκδηλώσεων, ἐνῷ αἱ τοπικαὶ ἀρχαὶ ἐξέφρασαν τὴν ἱκανοποίησίν των διὰ τὴν πρόοδον τῶν ἐργασιῶν. Κατὰ τὰς πληροφορίας, αἱ διαπραγματεύσεις θὰ συνεχισθοῦν καὶ κατὰ τὴν προσεχῆ ἑβδομάδα, ὁπότε ἀναμένεται ἡ τελικὴ ἀπόφασις. Ἐκ παραλλήλου, ἡ ἐπιτροπὴ ἐζήτησε πλήρη στοιχεῖα διὰ τὴν κατάστασιν καὶ τὰς ἀνάγκας τῆς περιοχῆς, ὥστε νὰ καταστῇ δυνατὴ ἡ ἔγκαιρος λῆψις τῶν ἐνδεικνυομένων μέτρων.
